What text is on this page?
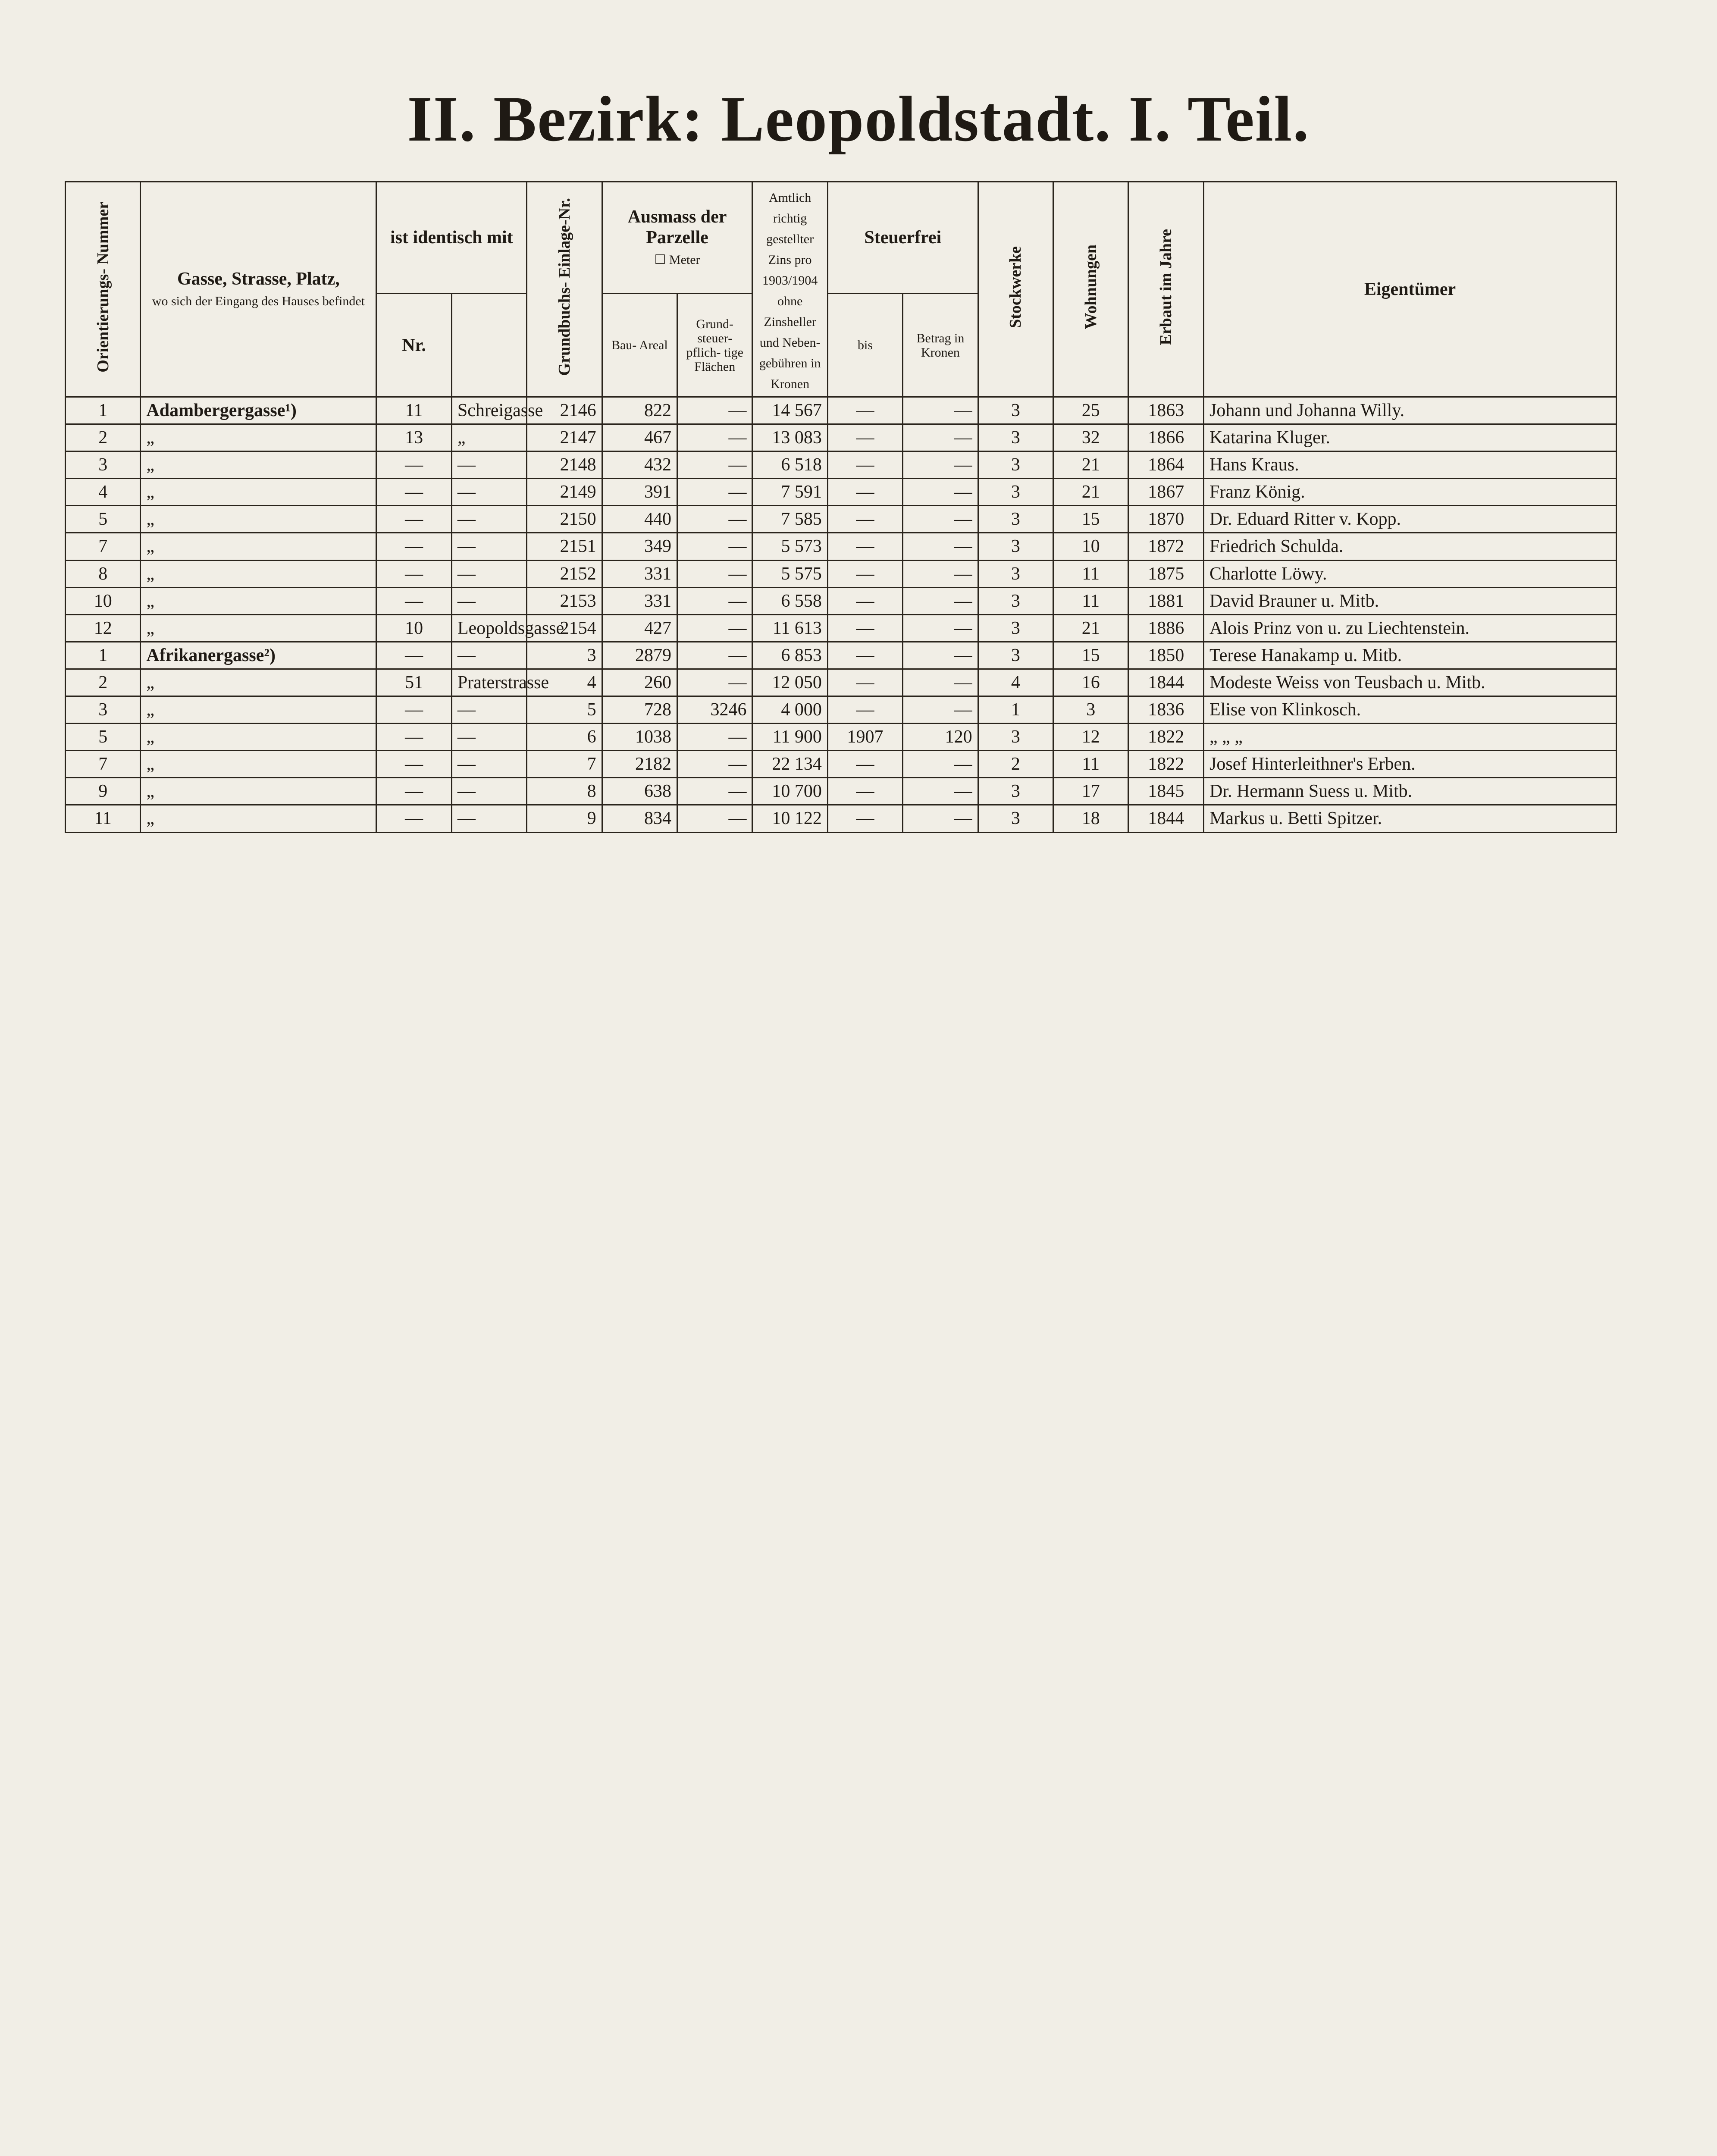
II. Bezirk: Leopoldstadt. I. Teil.
Orientierungs- Nummer	Gasse, Strasse, Platz,
wo sich der Eingang des Hauses befindet	ist identisch mit		Grundbuchs- Einlage-Nr.	Ausmass der Parzelle
☐ Meter		Amtlich richtig gestellter Zins pro 1903/1904 ohne Zinsheller und Neben- gebühren in Kronen	Steuerfrei		Stockwerke	Wohnungen	Erbaut im Jahre	Eigentümer
		Nr.			Bau- Areal	Grund- steuer- pflich- tige Flächen		bis	Betrag in Kronen				
1	Adambergergasse¹)	11	Schreigasse	2146	822	—	14 567	—	—	3	25	1863	Johann und Johanna Willy.
2	„	13	„	2147	467	—	13 083	—	—	3	32	1866	Katarina Kluger.
3	„	—	—	2148	432	—	6 518	—	—	3	21	1864	Hans Kraus.
4	„	—	—	2149	391	—	7 591	—	—	3	21	1867	Franz König.
5	„	—	—	2150	440	—	7 585	—	—	3	15	1870	Dr. Eduard Ritter v. Kopp.
7	„	—	—	2151	349	—	5 573	—	—	3	10	1872	Friedrich Schulda.
8	„	—	—	2152	331	—	5 575	—	—	3	11	1875	Charlotte Löwy.
10	„	—	—	2153	331	—	6 558	—	—	3	11	1881	David Brauner u. Mitb.
12	„	10	Leopoldsgasse	2154	427	—	11 613	—	—	3	21	1886	Alois Prinz von u. zu Liechtenstein.
1	Afrikanergasse²)	—	—	3	2879	—	6 853	—	—	3	15	1850	Terese Hanakamp u. Mitb.
2	„	51	Praterstrasse	4	260	—	12 050	—	—	4	16	1844	Modeste Weiss von Teusbach u. Mitb.
3	„	—	—	5	728	3246	4 000	—	—	1	3	1836	Elise von Klinkosch.
5	„	—	—	6	1038	—	11 900	1907	120	3	12	1822	„ „ „
7	„	—	—	7	2182	—	22 134	—	—	2	11	1822	Josef Hinterleithner's Erben.
9	„	—	—	8	638	—	10 700	—	—	3	17	1845	Dr. Hermann Suess u. Mitb.
11	„	—	—	9	834	—	10 122	—	—	3	18	1844	Markus u. Betti Spitzer.
